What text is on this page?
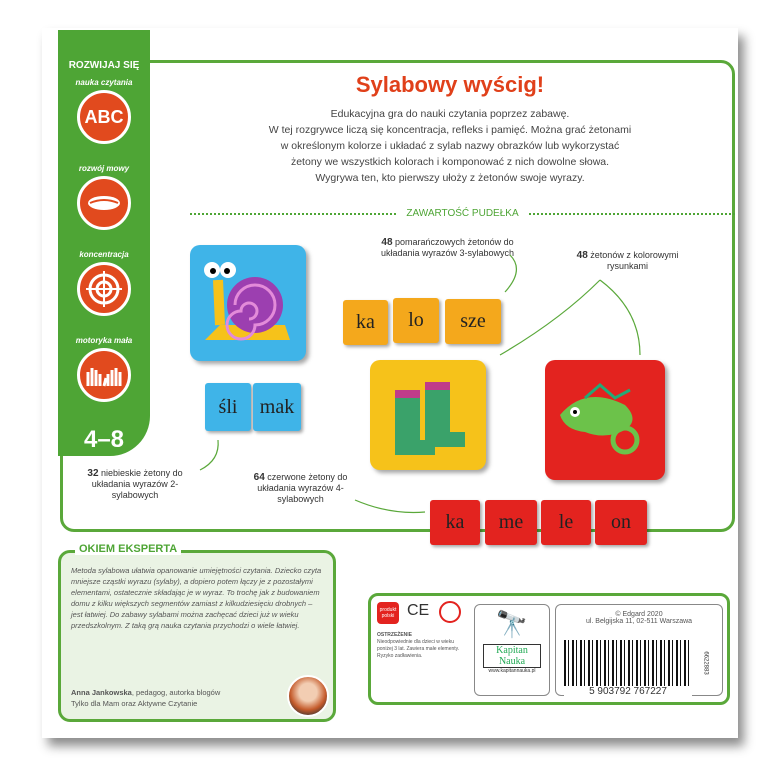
ROZWIJAJ SIĘ
nauka czytania
ABC
rozwój mowy
koncentracja
motoryka mała
4–8
LAT
Sylabowy wyścig!
Edukacyjna gra do nauki czytania poprzez zabawę.
W tej rozgrywce liczą się koncentracja, refleks i pamięć. Można grać żetonami
w określonym kolorze i układać z sylab nazwy obrazków lub wykorzystać
żetony we wszystkich kolorach i komponować z nich dowolne słowa.
Wygrywa ten, kto pierwszy ułoży z żetonów swoje wyrazy.
ZAWARTOŚĆ PUDEŁKA
śli	mak
ka	lo	sze
ka	me	le	on
48 pomarańczowych żetonów do układania wyrazów 3-sylabowych	48 żetonów z kolorowymi rysunkami
32 niebieskie żetony do układania wyrazów 2-sylabowych
64 czerwone żetony do układania wyrazów 4-sylabowych
OKIEM EKSPERTA
Metoda sylabowa ułatwia opanowanie umiejętności czytania. Dziecko czyta mniejsze cząstki wyrazu (sylaby), a dopiero potem łączy je z pozostałymi elementami, ostatecznie składając je w wyraz. To trochę jak z budowaniem domu z kilku większych segmentów zamiast z kilkudziesięciu drobnych – jest łatwiej. Do zabawy sylabami można zachęcać dzieci już w wieku przedszkolnym. Z taką grą nauka czytania przychodzi o wiele łatwiej.
Anna Jankowska, pedagog, autorka blogów
Tylko dla Mam oraz Aktywne Czytanie
produkt polski CE
OSTRZEŻENIE
Nieodpowiednie dla dzieci w wieku poniżej 3 lat. Zawiera małe elementy. Ryzyko zadławienia.
🔭
Kapitan Nauka
www.kapitannauka.pl
© Edgard 2020
ul. Belgijska 11, 02-511 Warszawa
5 903792 767227
6622883
